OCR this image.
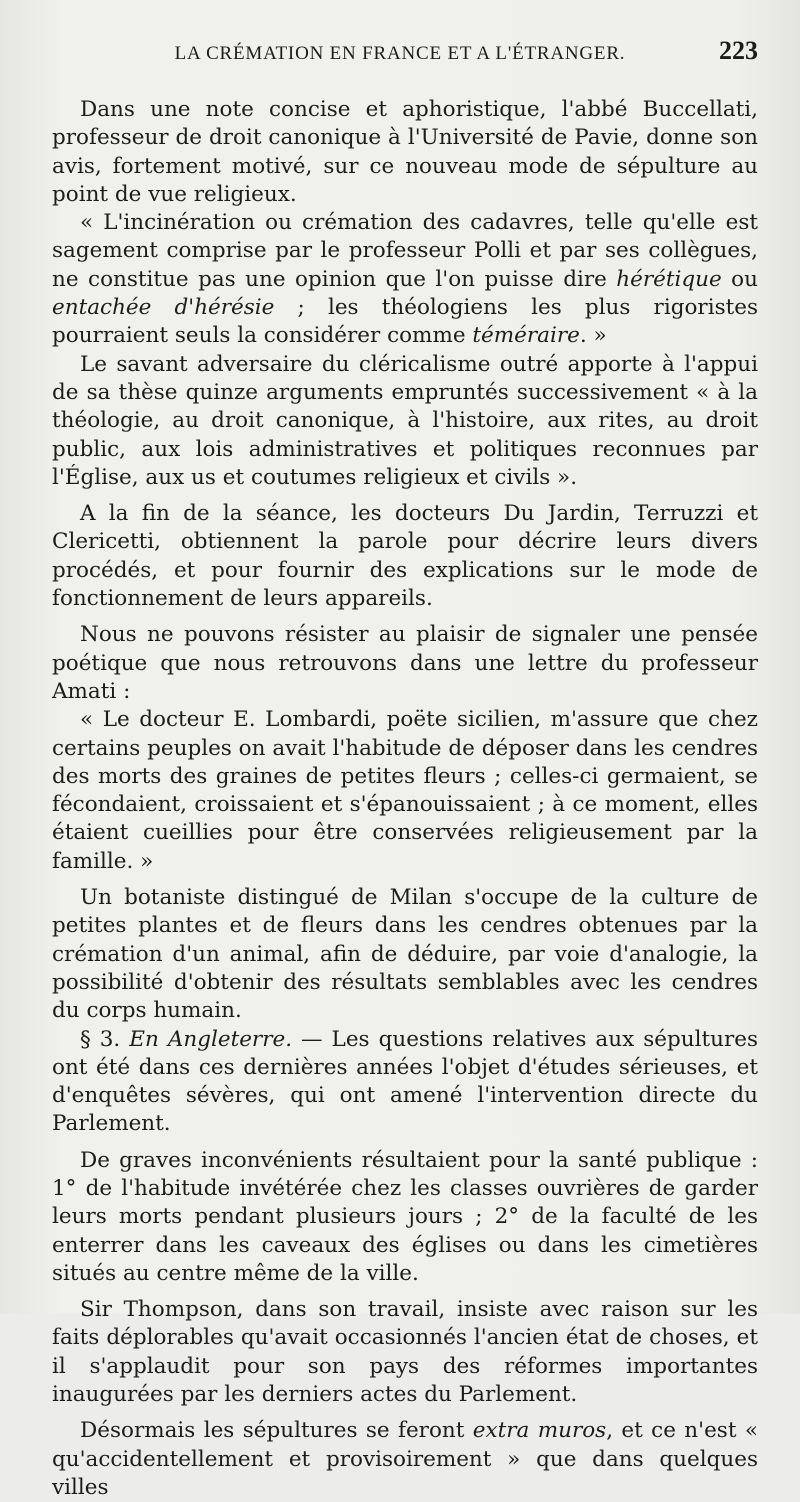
LA CRÉMATION EN FRANCE ET A L'ÉTRANGER.	223

Dans une note concise et aphoristique, l'abbé Buccellati, professeur de droit canonique à l'Université de Pavie, donne son avis, fortement motivé, sur ce nouveau mode de sépulture au point de vue religieux.

« L'incinération ou crémation des cadavres, telle qu'elle est sagement comprise par le professeur Polli et par ses collègues, ne constitue pas une opinion que l'on puisse dire hérétique ou entachée d'hérésie ; les théologiens les plus rigoristes pourraient seuls la considérer comme téméraire. »

Le savant adversaire du cléricalisme outré apporte à l'appui de sa thèse quinze arguments empruntés successivement « à la théologie, au droit canonique, à l'histoire, aux rites, au droit public, aux lois administratives et politiques reconnues par l'Église, aux us et coutumes religieux et civils ».

A la fin de la séance, les docteurs Du Jardin, Terruzzi et Clericetti, obtiennent la parole pour décrire leurs divers procédés, et pour fournir des explications sur le mode de fonctionnement de leurs appareils.

Nous ne pouvons résister au plaisir de signaler une pensée poétique que nous retrouvons dans une lettre du professeur Amati :

« Le docteur E. Lombardi, poëte sicilien, m'assure que chez certains peuples on avait l'habitude de déposer dans les cendres des morts des graines de petites fleurs ; celles-ci germaient, se fécondaient, croissaient et s'épanouissaient ; à ce moment, elles étaient cueillies pour être conservées religieusement par la famille. »

Un botaniste distingué de Milan s'occupe de la culture de petites plantes et de fleurs dans les cendres obtenues par la crémation d'un animal, afin de déduire, par voie d'analogie, la possibilité d'obtenir des résultats semblables avec les cendres du corps humain.

§ 3. En Angleterre. — Les questions relatives aux sépultures ont été dans ces dernières années l'objet d'études sérieuses, et d'enquêtes sévères, qui ont amené l'intervention directe du Parlement.

De graves inconvénients résultaient pour la santé publique : 1° de l'habitude invétérée chez les classes ouvrières de garder leurs morts pendant plusieurs jours ; 2° de la faculté de les enterrer dans les caveaux des églises ou dans les cimetières situés au centre même de la ville.

Sir Thompson, dans son travail, insiste avec raison sur les faits déplorables qu'avait occasionnés l'ancien état de choses, et il s'applaudit pour son pays des réformes importantes inaugurées par les derniers actes du Parlement.

Désormais les sépultures se feront extra muros, et ce n'est « qu'accidentellement et provisoirement » que dans quelques villes
